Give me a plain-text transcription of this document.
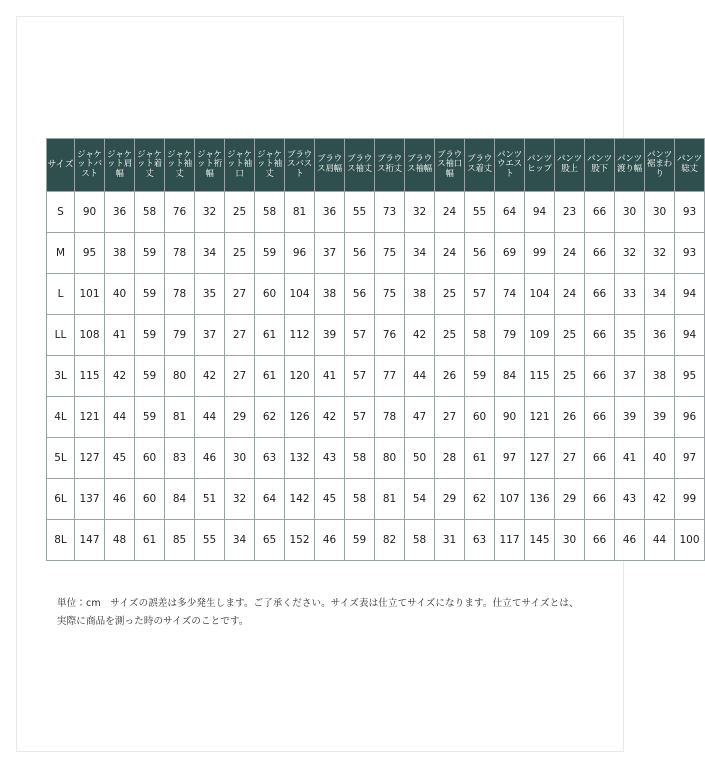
サイズ	ジャケットバスト	ジャケット肩幅	ジャケット着丈	ジャケット袖丈	ジャケット裄幅	ジャケット袖口	ジャケット袖丈	ブラウスバスト	ブラウス肩幅	ブラウス袖丈	ブラウス裄丈	ブラウス袖幅	ブラウス袖口幅	ブラウス着丈	パンツウエスト	パンツヒップ	パンツ股上	パンツ股下	パンツ渡り幅	パンツ裾まわり	パンツ総丈
S	90	36	58	76	32	25	58	81	36	55	73	32	24	55	64	94	23	66	30	30	93
M	95	38	59	78	34	25	59	96	37	56	75	34	24	56	69	99	24	66	32	32	93
L	101	40	59	78	35	27	60	104	38	56	75	38	25	57	74	104	24	66	33	34	94
LL	108	41	59	79	37	27	61	112	39	57	76	42	25	58	79	109	25	66	35	36	94
3L	115	42	59	80	42	27	61	120	41	57	77	44	26	59	84	115	25	66	37	38	95
4L	121	44	59	81	44	29	62	126	42	57	78	47	27	60	90	121	26	66	39	39	96
5L	127	45	60	83	46	30	63	132	43	58	80	50	28	61	97	127	27	66	41	40	97
6L	137	46	60	84	51	32	64	142	45	58	81	54	29	62	107	136	29	66	43	42	99
8L	147	48	61	85	55	34	65	152	46	59	82	58	31	63	117	145	30	66	46	44	100
単位：cm　サイズの誤差は多少発生します。ご了承ください。サイズ表は仕立てサイズになります。仕立てサイズとは、実際に商品を測った時のサイズのことです。
